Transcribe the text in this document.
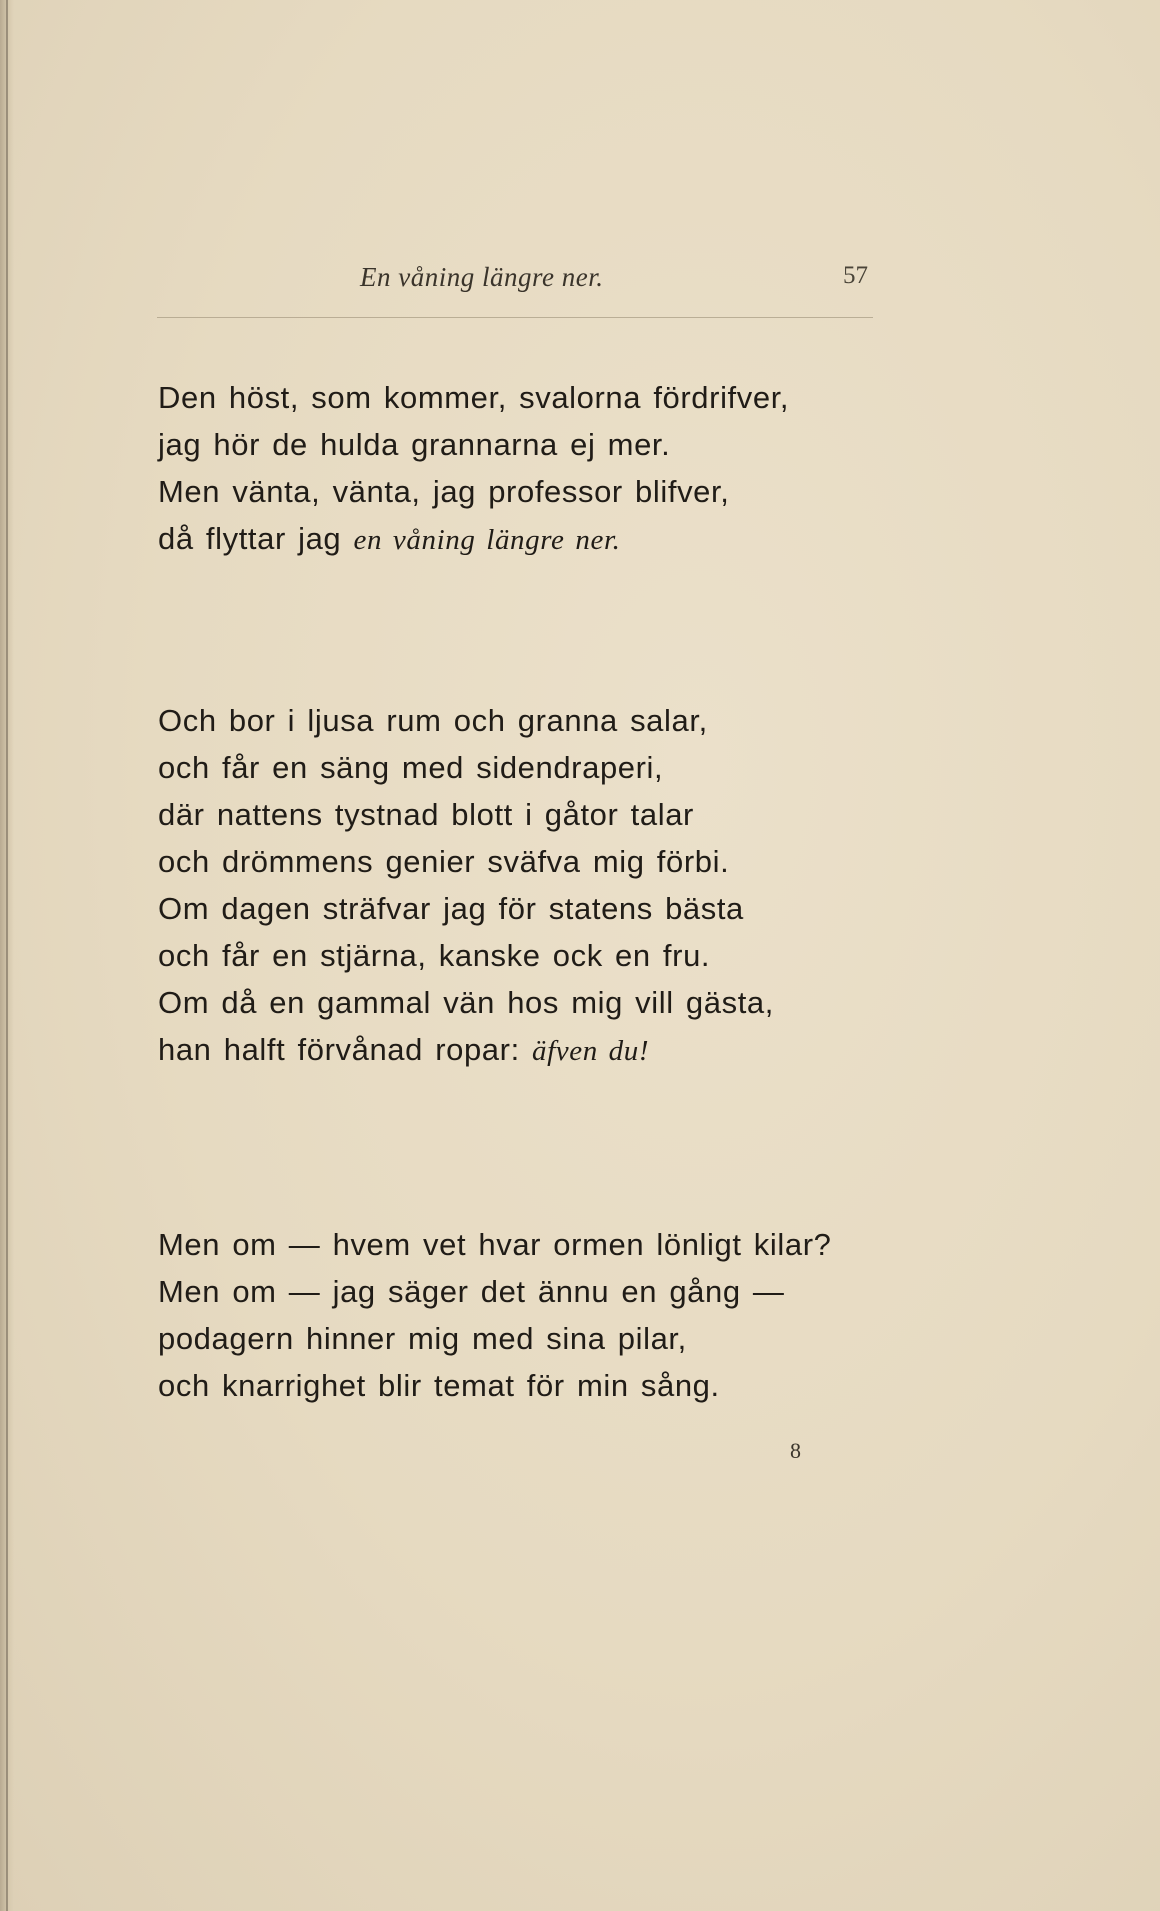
En våning längre ner.	57
Den höst, som kommer, svalorna fördrifver,
jag hör de hulda grannarna ej mer.
Men vänta, vänta, jag professor blifver,
då flyttar jag en våning längre ner.
Och bor i ljusa rum och granna salar,
och får en säng med sidendraperi,
där nattens tystnad blott i gåtor talar
och drömmens genier sväfva mig förbi.
Om dagen sträfvar jag för statens bästa
och får en stjärna, kanske ock en fru.
Om då en gammal vän hos mig vill gästa,
han halft förvånad ropar: äfven du!
Men om — hvem vet hvar ormen lönligt kilar?
Men om — jag säger det ännu en gång —
podagern hinner mig med sina pilar,
och knarrighet blir temat för min sång.
8
